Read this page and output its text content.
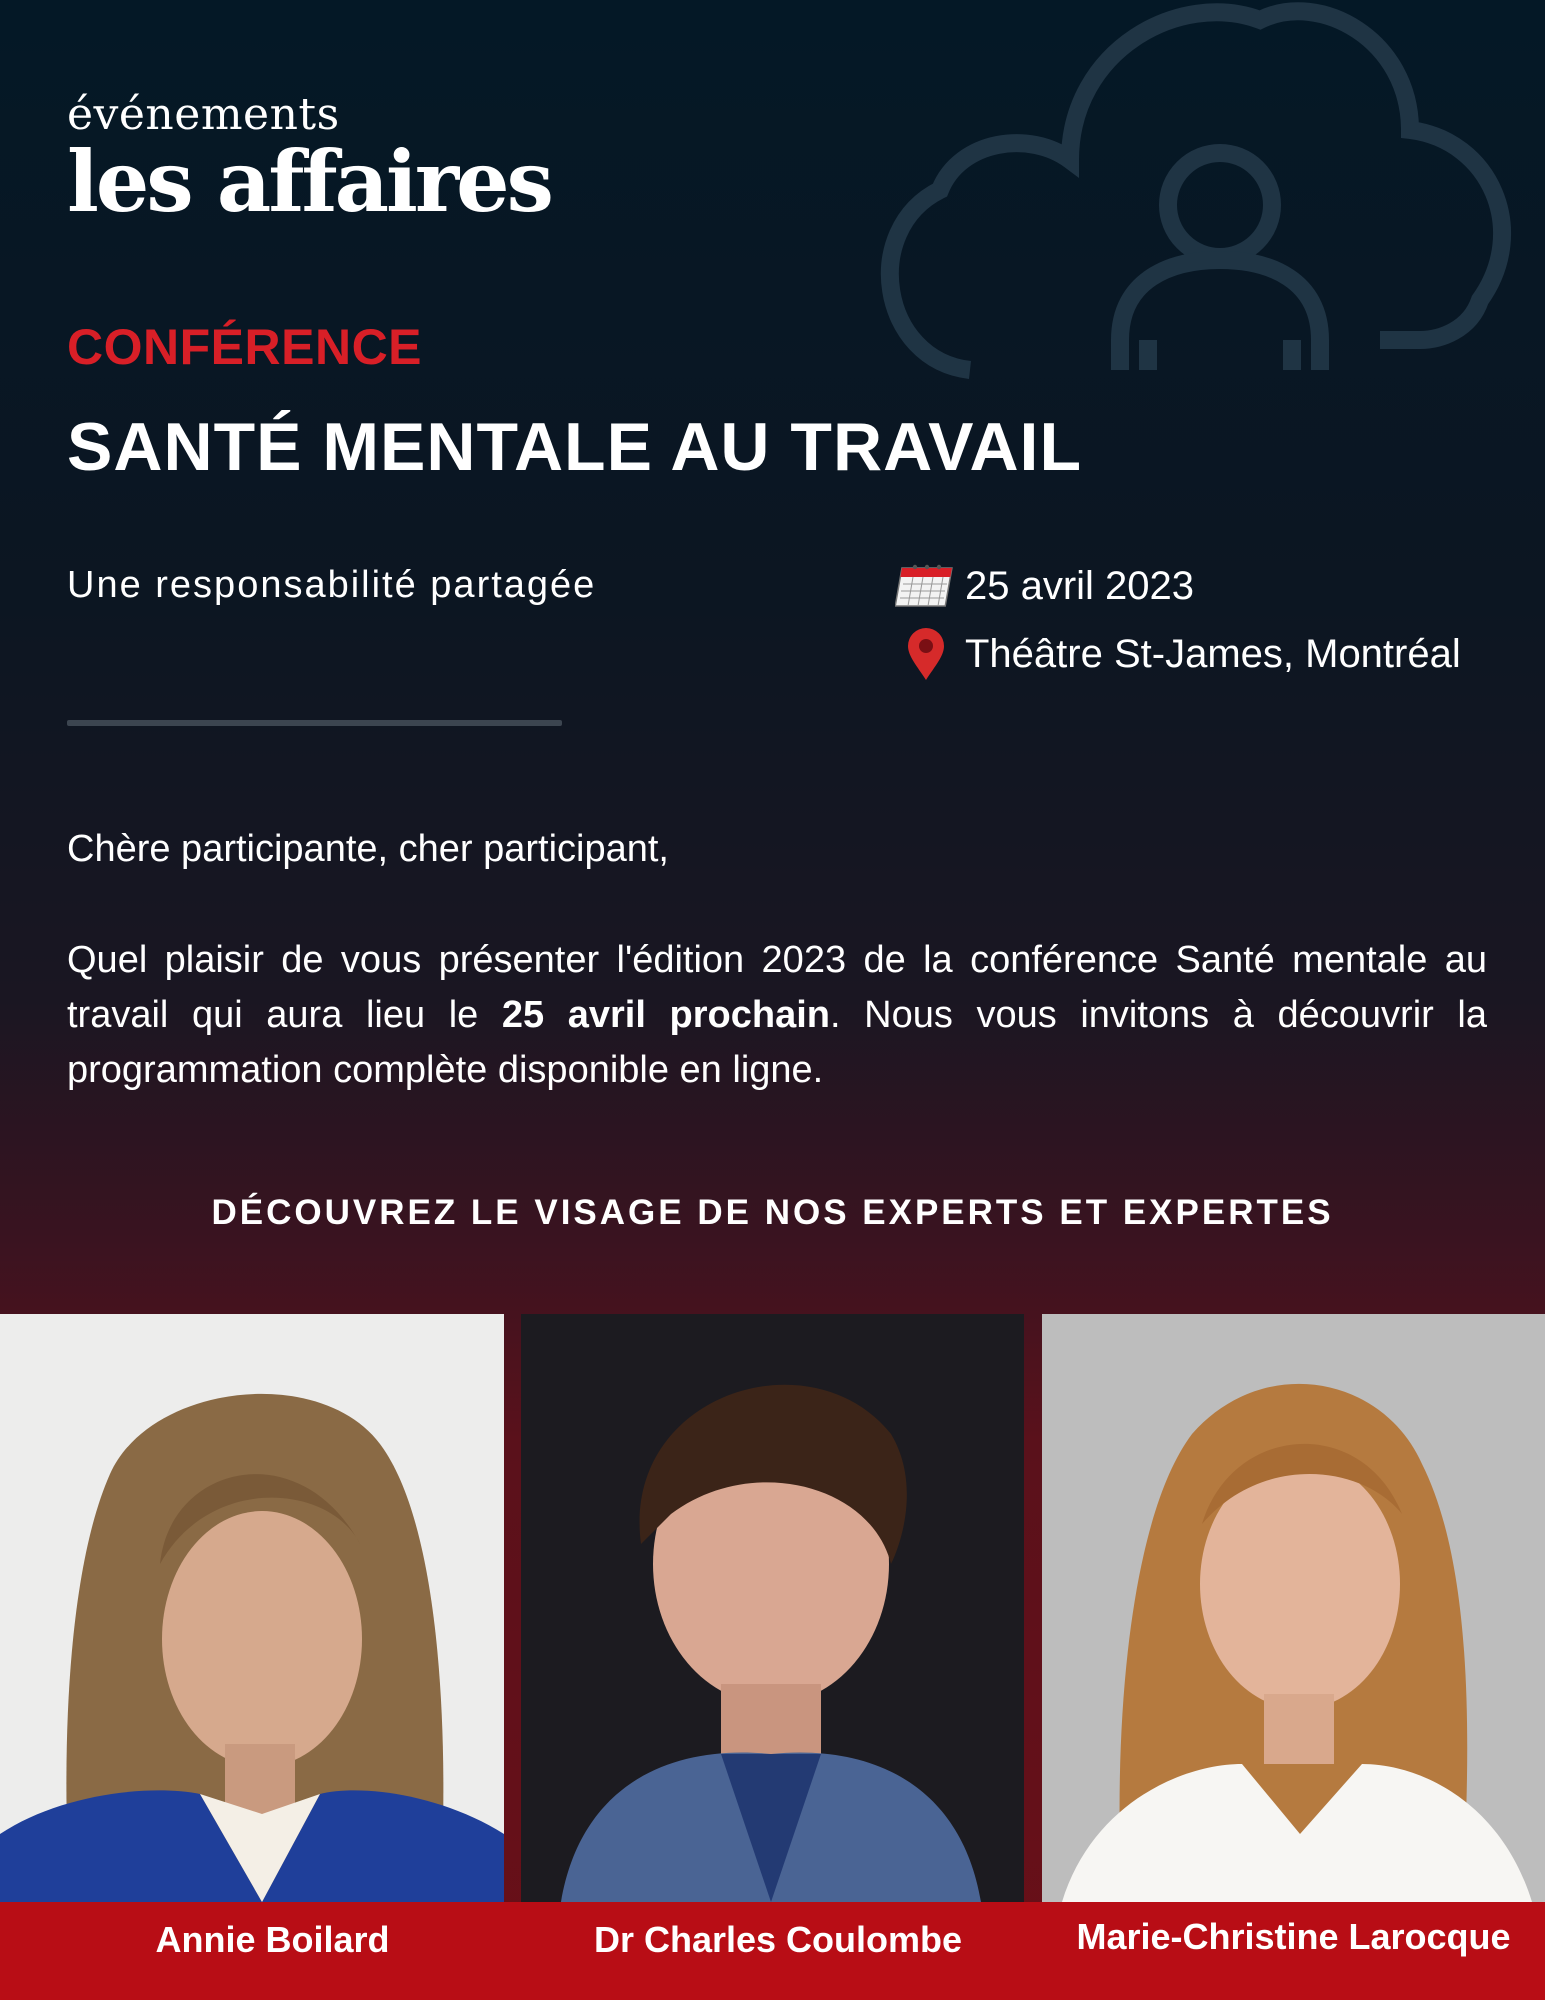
événements
les affaires
CONFÉRENCE
SANTÉ MENTALE AU TRAVAIL
Une responsabilité partagée	25 avril 2023
Théâtre St-James, Montréal
Chère participante, cher participant,
Quel plaisir de vous présenter l'édition 2023 de la conférence Santé mentale au travail qui aura lieu le 25 avril prochain. Nous vous invitons à découvrir la programmation complète disponible en ligne.
DÉCOUVREZ LE VISAGE DE NOS EXPERTS ET EXPERTES
Annie Boilard	Dr Charles Coulombe	Marie-Christine Larocque
